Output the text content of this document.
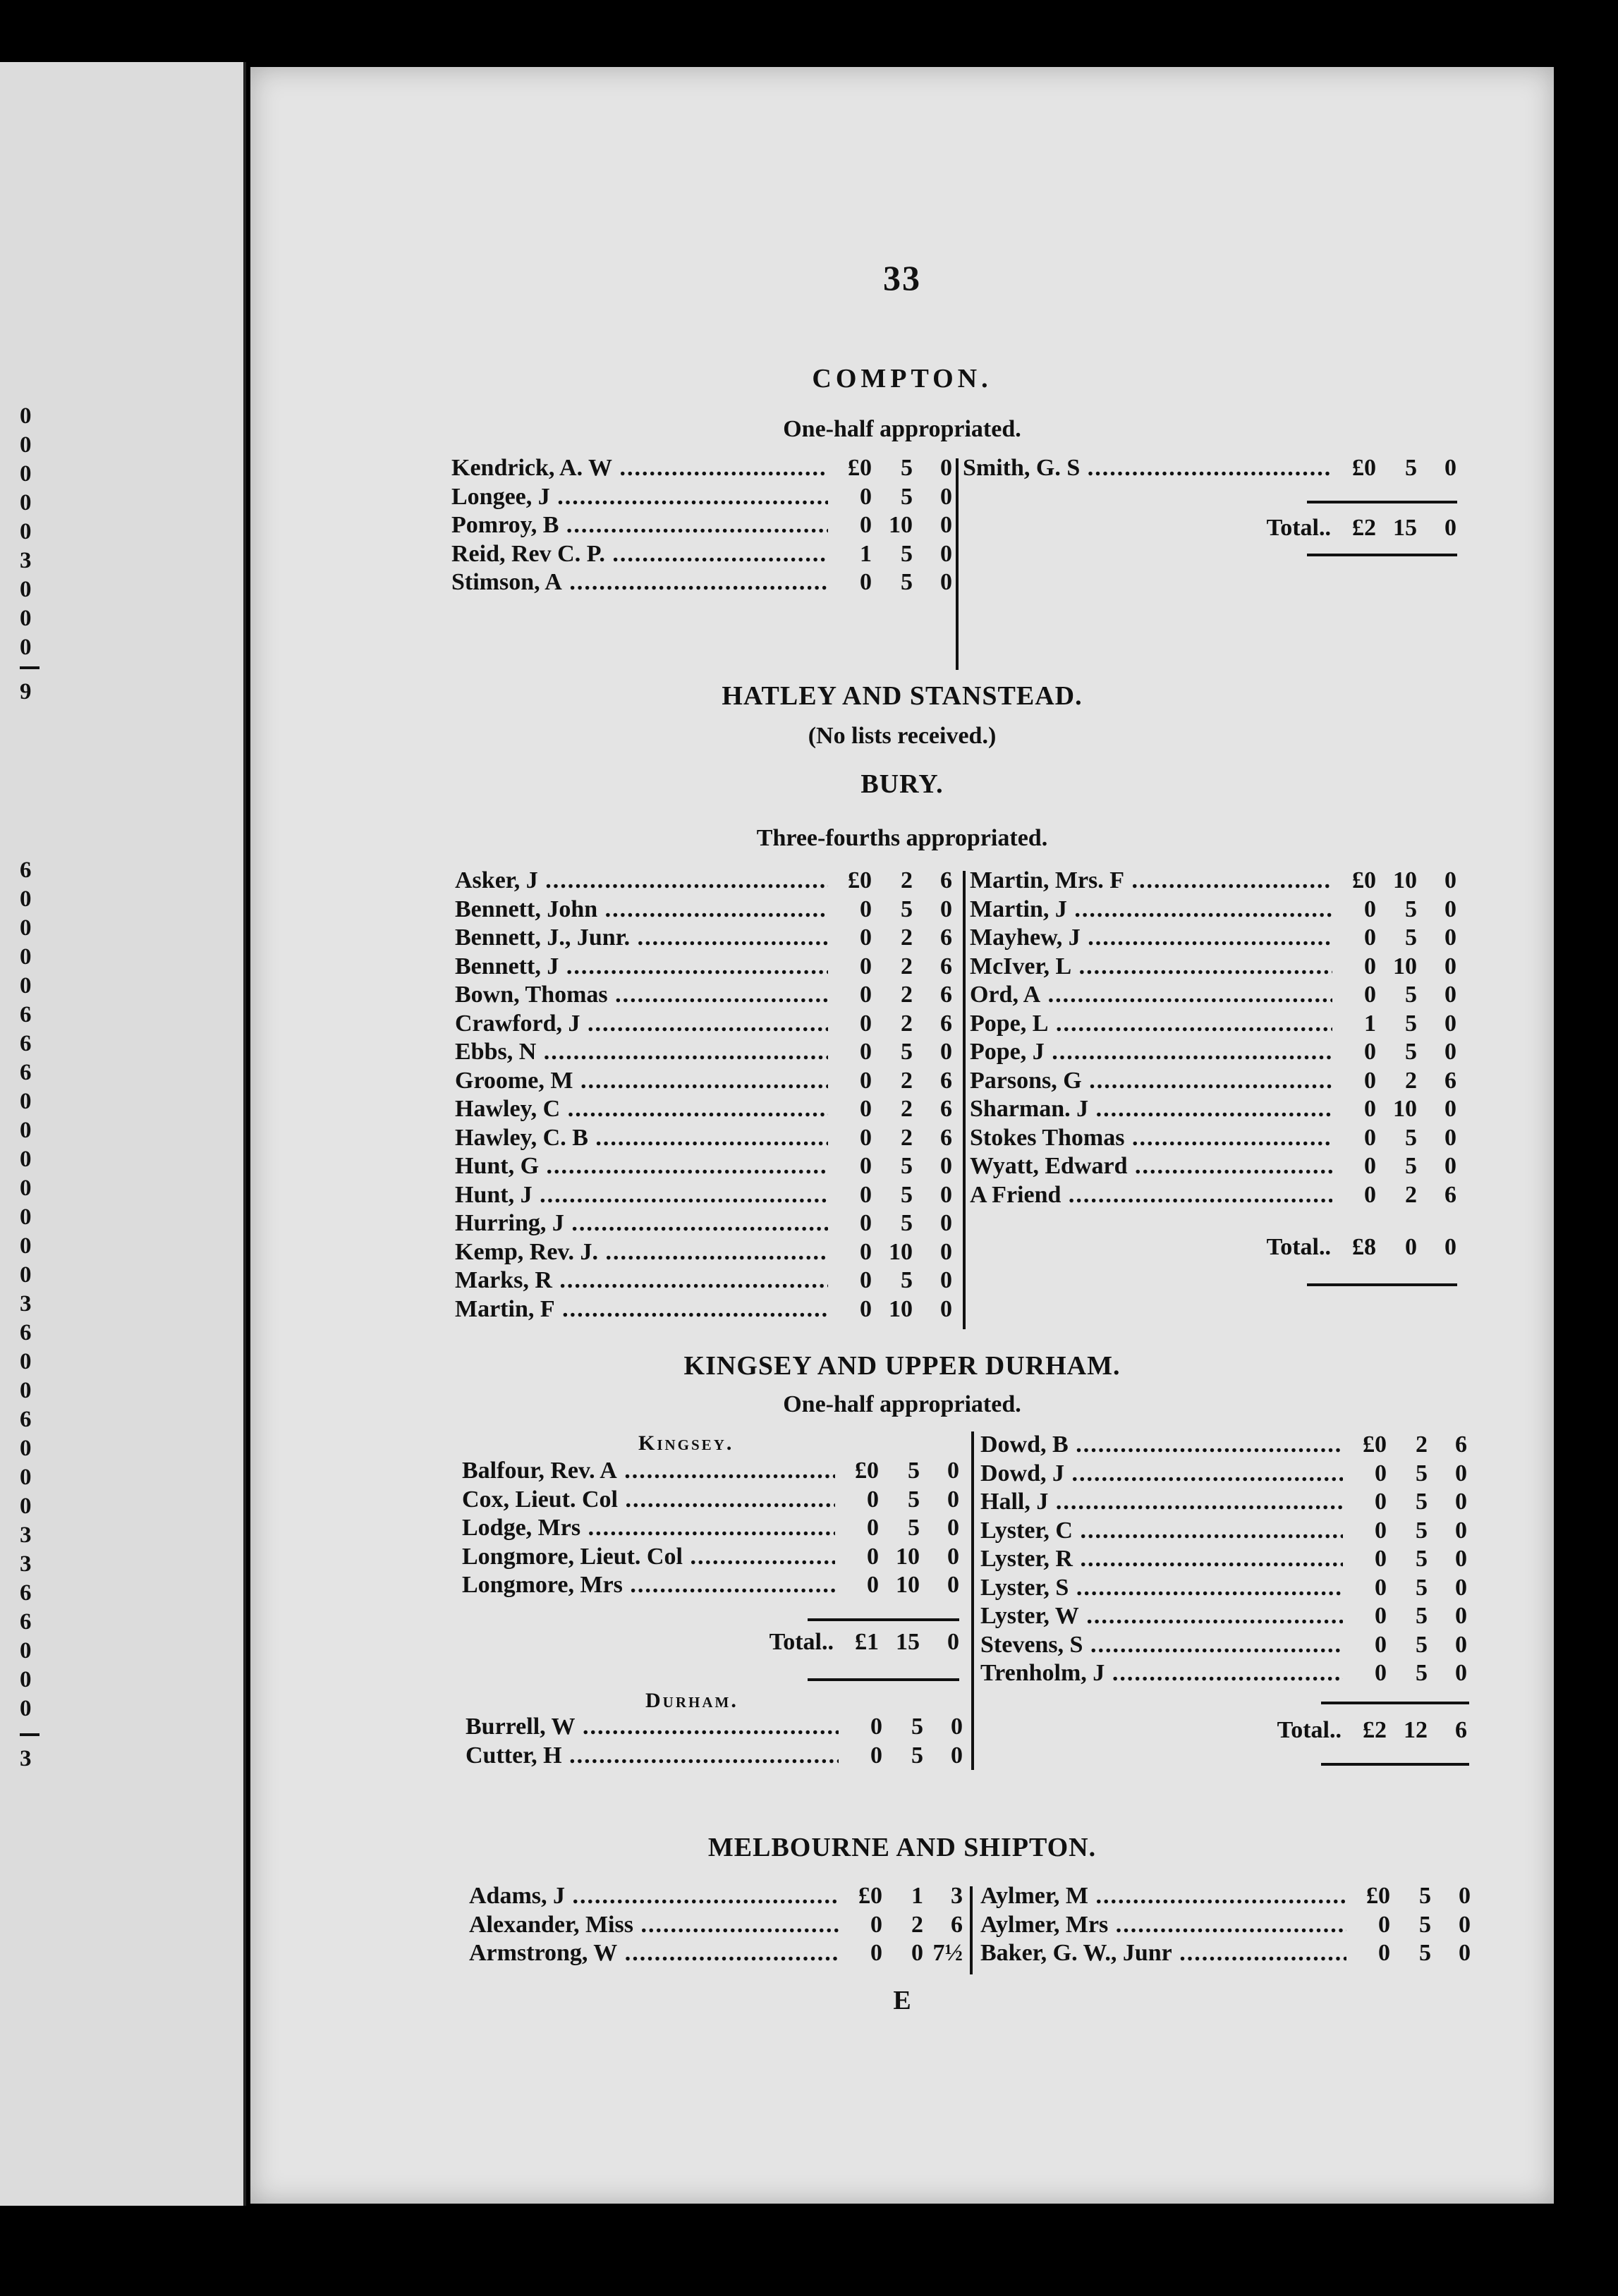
0
0
0
0
0
3
0
0
0
9
6
0
0
0
0
6
6
6
0
0
0
0
0
0
0
3
6
0
0
6
0
0
0
3
3
6
6
0
0
0
3
33
COMPTON.
One-half appropriated.
Kendrick, A. W .....	£0	5	0
Longee, J .....	0	5	0
Pomroy, B .....	0 10	0
Reid, Rev C. P. .....	1	5	0
Stimson, A .....	0	5	0
Smith, G. S .....	£0	5	0
Total.. £2 15	0
HATLEY AND STANSTEAD.
(No lists received.)
BURY.
Three-fourths appropriated.
Asker, J .....	£0	2	6
Bennett, John .....	0	5	0
Bennett, J., Junr. .....	0	2	6
Bennett, J .....	0	2	6
Bown, Thomas .....	0	2	6
Crawford, J .....	0	2	6
Ebbs, N .....	0	5	0
Groome, M .....	0	2	6
Hawley, C .....	0	2	6
Hawley, C. B .....	0	2	6
Hunt, G .....	0	5	0
Hunt, J .....	0	5	0
Hurring, J .....	0	5	0
Kemp, Rev. J. .....	0 10	0
Marks, R .....	0	5	0
Martin, F .....	0 10	0
Martin, Mrs. F .....	£0 10	0
Martin, J .....	0	5	0
Mayhew, J .....	0	5	0
McIver, L .....	0 10	0
Ord, A .....	0	5	0
Pope, L .....	1	5	0
Pope, J .....	0	5	0
Parsons, G .....	0	2	6
Sharman. J .....	0 10	0
Stokes Thomas .....	0	5	0
Wyatt, Edward .....	0	5	0
A Friend .....	0	2	6
Total.. £8	0	0
KINGSEY AND UPPER DURHAM.
One-half appropriated.
Kingsey.
Balfour, Rev. A .....	£0	5	0
Cox, Lieut. Col .....	0	5	0
Lodge, Mrs .....	0	5	0
Longmore, Lieut. Col .....	0 10	0
Longmore, Mrs .....	0 10	0
Total.. £1 15	0
Durham.
Burrell, W .....	0	5	0
Cutter, H .....	0	5	0
Dowd, B .....	£0	2	6
Dowd, J .....	0	5	0
Hall, J .....	0	5	0
Lyster, C .....	0	5	0
Lyster, R .....	0	5	0
Lyster, S .....	0	5	0
Lyster, W .....	0	5	0
Stevens, S .....	0	5	0
Trenholm, J .....	0	5	0
Total.. £2 12	6
MELBOURNE AND SHIPTON.
Adams, J .....	£0	1	3
Alexander, Miss .....	0	2	6
Armstrong, W .....	0	0 7½
Aylmer, M .....	£0	5	0
Aylmer, Mrs .....	0	5	0
Baker, G. W., Junr .....	0	5	0
E
